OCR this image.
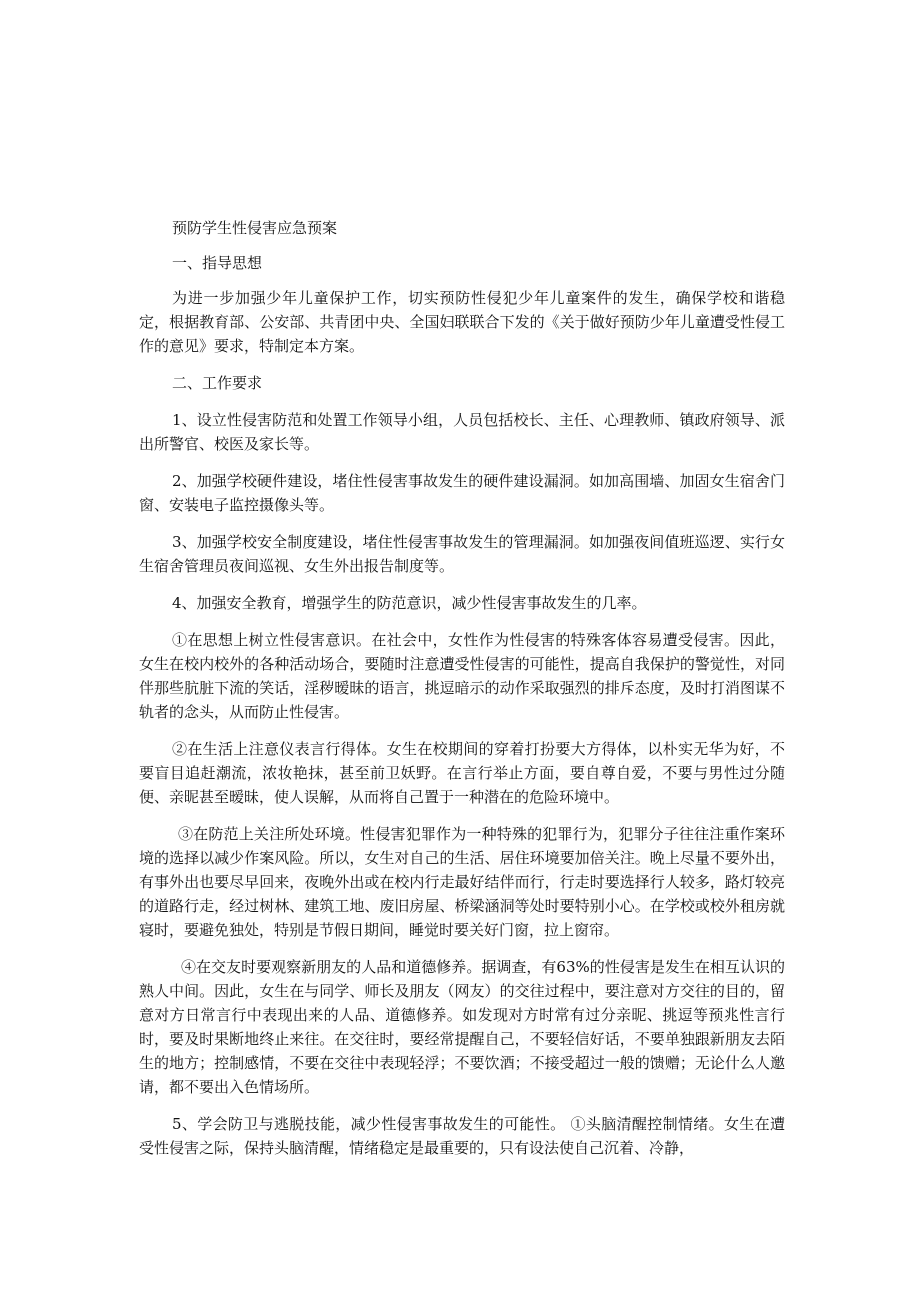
预防学生性侵害应急预案

一、指导思想

为进一步加强少年儿童保护工作，切实预防性侵犯少年儿童案件的发生，确保学校和谐稳定，根据教育部、公安部、共青团中央、全国妇联联合下发的《关于做好预防少年儿童遭受性侵工作的意见》要求，特制定本方案。

二、工作要求

1、设立性侵害防范和处置工作领导小组，人员包括校长、主任、心理教师、镇政府领导、派出所警官、校医及家长等。

2、加强学校硬件建设，堵住性侵害事故发生的硬件建设漏洞。如加高围墙、加固女生宿舍门窗、安装电子监控摄像头等。

3、加强学校安全制度建设，堵住性侵害事故发生的管理漏洞。如加强夜间值班巡逻、实行女生宿舍管理员夜间巡视、女生外出报告制度等。

4、加强安全教育，增强学生的防范意识，减少性侵害事故发生的几率。

①在思想上树立性侵害意识。在社会中，女性作为性侵害的特殊客体容易遭受侵害。因此，女生在校内校外的各种活动场合，要随时注意遭受性侵害的可能性，提高自我保护的警觉性，对同伴那些肮脏下流的笑话，淫秽暧昧的语言，挑逗暗示的动作采取强烈的排斥态度，及时打消图谋不轨者的念头，从而防止性侵害。

②在生活上注意仪表言行得体。女生在校期间的穿着打扮要大方得体，以朴实无华为好，不要盲目追赶潮流，浓妆艳抹，甚至前卫妖野。在言行举止方面，要自尊自爱，不要与男性过分随便、亲昵甚至暧昧，使人误解，从而将自己置于一种潜在的危险环境中。

③在防范上关注所处环境。性侵害犯罪作为一种特殊的犯罪行为，犯罪分子往往注重作案环境的选择以减少作案风险。所以，女生对自己的生活、居住环境要加倍关注。晚上尽量不要外出，有事外出也要尽早回来，夜晚外出或在校内行走最好结伴而行，行走时要选择行人较多，路灯较亮的道路行走，经过树林、建筑工地、废旧房屋、桥梁涵洞等处时要特别小心。在学校或校外租房就寝时，要避免独处，特别是节假日期间，睡觉时要关好门窗，拉上窗帘。

④在交友时要观察新朋友的人品和道德修养。据调查，有63%的性侵害是发生在相互认识的熟人中间。因此，女生在与同学、师长及朋友（网友）的交往过程中，要注意对方交往的目的，留意对方日常言行中表现出来的人品、道德修养。如发现对方时常有过分亲昵、挑逗等预兆性言行时，要及时果断地终止来往。在交往时，要经常提醒自己，不要轻信好话，不要单独跟新朋友去陌生的地方；控制感情，不要在交往中表现轻浮；不要饮酒；不接受超过一般的馈赠；无论什么人邀请，都不要出入色情场所。

5、学会防卫与逃脱技能，减少性侵害事故发生的可能性。 ①头脑清醒控制情绪。女生在遭受性侵害之际，保持头脑清醒，情绪稳定是最重要的，只有设法使自己沉着、冷静，
